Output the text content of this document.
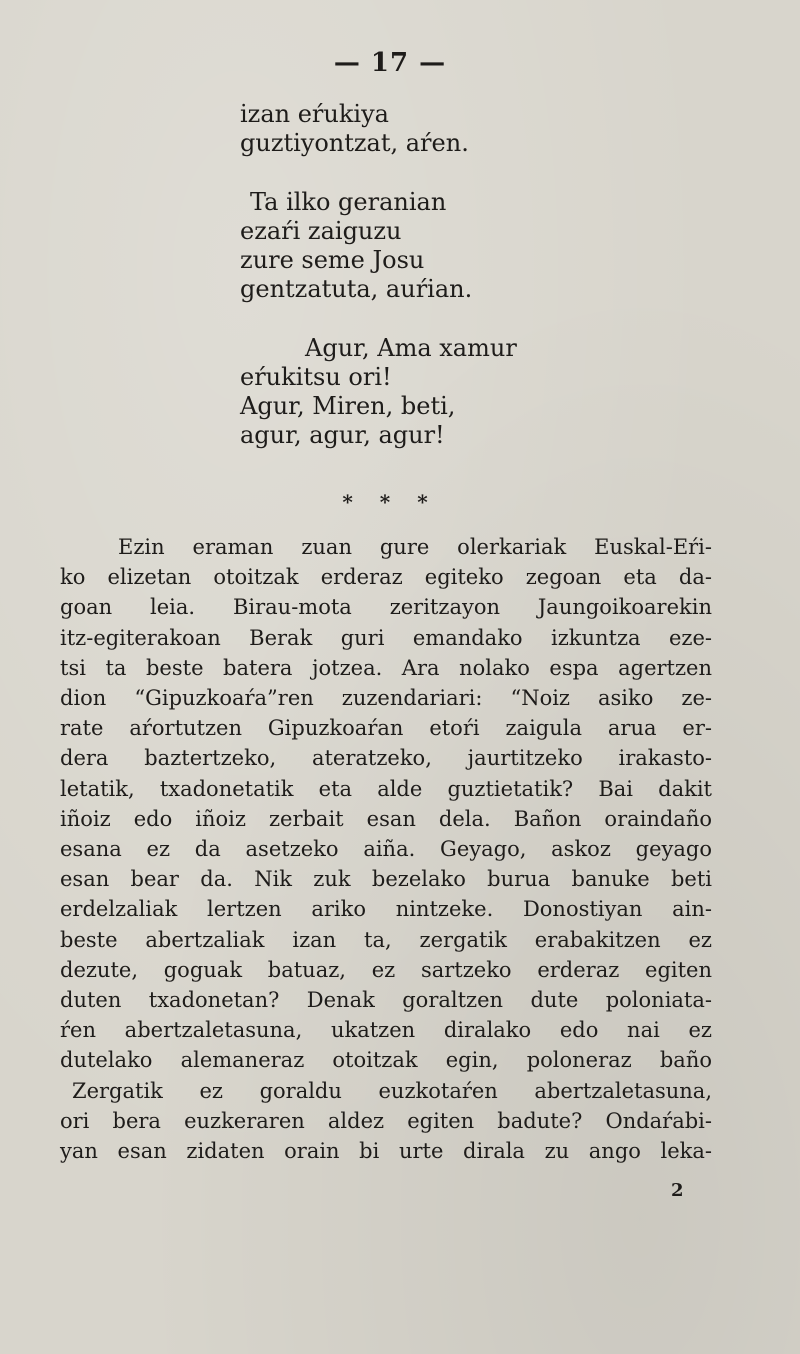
— 17 —
izan eŕukiya
guztiyontzat, aŕen.
Ta ilko geranian
ezaŕi zaiguzu
zure seme Josu
gentzatuta, auŕian.
Agur, Ama xamur
eŕukitsu ori!
Agur, Miren, beti,
agur, agur, agur!
* * *
Ezin eraman zuan gure olerkariak Euskal-Eŕi-
ko elizetan otoitzak erderaz egiteko zegoan eta da-
goan leia. Birau-mota zeritzayon Jaungoikoarekin
itz-egiterakoan Berak guri emandako izkuntza eze-
tsi ta beste batera jotzea. Ara nolako espa agertzen
dion “Gipuzkoaŕa”ren zuzendariari: “Noiz asiko ze-
rate aŕortutzen Gipuzkoaŕan etoŕi zaigula arua er-
dera baztertzeko, ateratzeko, jaurtitzeko irakasto-
letatik, txadonetatik eta alde guztietatik? Bai dakit
iñoiz edo iñoiz zerbait esan dela. Bañon oraindaño
esana ez da asetzeko aiña. Geyago, askoz geyago
esan bear da. Nik zuk bezelako burua banuke beti
erdelzaliak lertzen ariko nintzeke. Donostiyan ain-
beste abertzaliak izan ta, zergatik erabakitzen ez
dezute, goguak batuaz, ez sartzeko erderaz egiten
duten txadonetan? Denak goraltzen dute poloniata-
ŕen abertzaletasuna, ukatzen diralako edo nai ez
dutelako alemaneraz otoitzak egin, poloneraz baño
Zergatik ez goraldu euzkotaŕen abertzaletasuna,
ori bera euzkeraren aldez egiten badute? Ondaŕabi-
yan esan zidaten orain bi urte dirala zu ango leka-
2
